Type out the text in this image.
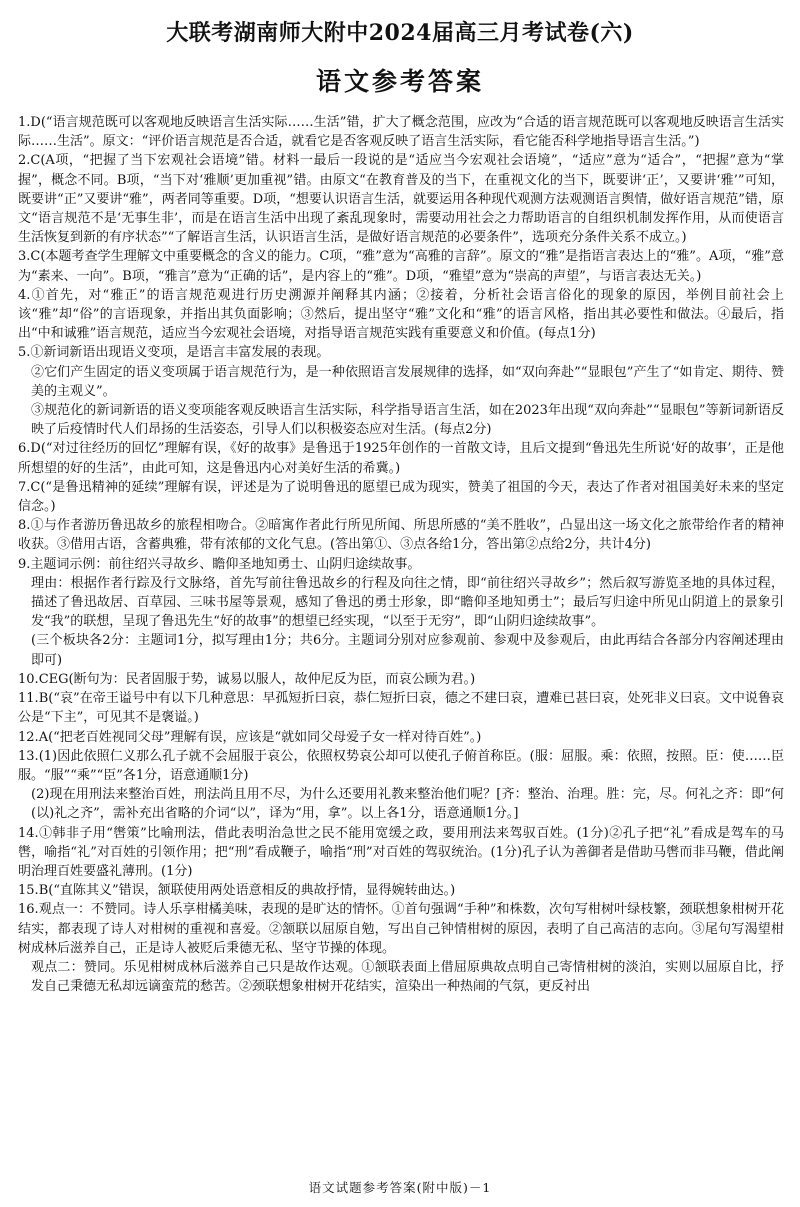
大联考湖南师大附中2024届高三月考试卷(六)
语文参考答案

1.D(“语言规范既可以客观地反映语言生活实际……生活”错，扩大了概念范围，应改为“合适的语言规范既可以客观地反映语言生活实际……生活”。原文：“评价语言规范是否合适，就看它是否客观反映了语言生活实际，看它能否科学地指导语言生活。”)

2.C(A项，“把握了当下宏观社会语境”错。材料一最后一段说的是“适应当今宏观社会语境”，“适应”意为“适合”，“把握”意为“掌握”，概念不同。B项，“当下对‘雅顺’更加重视”错。由原文“在教育普及的当下，在重视文化的当下，既要讲‘正’，又要讲‘雅’”可知，既要讲“正”又要讲“雅”，两者同等重要。D项，“想要认识语言生活，就要运用各种现代观测方法观测语言舆情，做好语言规范”错，原文“语言规范不是‘无事生非’，而是在语言生活中出现了紊乱现象时，需要动用社会之力帮助语言的自组织机制发挥作用，从而使语言生活恢复到新的有序状态”“了解语言生活，认识语言生活，是做好语言规范的必要条件”，选项充分条件关系不成立。)

3.C(本题考查学生理解文中重要概念的含义的能力。C项，“雅”意为“高雅的言辞”。原文的“雅”是指语言表达上的“雅”。A项，“雅”意为“素来、一向”。B项，“雅言”意为“正确的话”，是内容上的“雅”。D项，“雅望”意为“崇高的声望”，与语言表达无关。)

4.①首先，对“雅正”的语言规范观进行历史溯源并阐释其内涵；②接着，分析社会语言俗化的现象的原因，举例目前社会上该“雅”却“俗”的言语现象，并指出其负面影响；③然后，提出坚守“雅”文化和“雅”的语言风格，指出其必要性和做法。④最后，指出“中和诚雅”语言规范，适应当今宏观社会语境，对指导语言规范实践有重要意义和价值。(每点1分)

5.①新词新语出现语义变项，是语言丰富发展的表现。

②它们产生固定的语义变项属于语言规范行为，是一种依照语言发展规律的选择，如“双向奔赴”“显眼包”产生了“如肯定、期待、赞美的主观义”。

③规范化的新词新语的语义变项能客观反映语言生活实际，科学指导语言生活，如在2023年出现“双向奔赴”“显眼包”等新词新语反映了后疫情时代人们昂扬的生活姿态，引导人们以积极姿态应对生活。(每点2分)

6.D(“对过往经历的回忆”理解有误，《好的故事》是鲁迅于1925年创作的一首散文诗，且后文提到“鲁迅先生所说‘好的故事’，正是他所想望的好的生活”，由此可知，这是鲁迅内心对美好生活的希冀。)

7.C(“是鲁迅精神的延续”理解有误，评述是为了说明鲁迅的愿望已成为现实，赞美了祖国的今天，表达了作者对祖国美好未来的坚定信念。)

8.①与作者游历鲁迅故乡的旅程相吻合。②暗寓作者此行所见所闻、所思所感的“美不胜收”，凸显出这一场文化之旅带给作者的精神收获。③借用古语，含蓄典雅，带有浓郁的文化气息。(答出第①、③点各给1分，答出第②点给2分，共计4分)

9.主题词示例：前往绍兴寻故乡、瞻仰圣地知勇士、山阴归途续故事。

理由：根据作者行踪及行文脉络，首先写前往鲁迅故乡的行程及向往之情，即“前往绍兴寻故乡”；然后叙写游览圣地的具体过程，描述了鲁迅故居、百草园、三味书屋等景观，感知了鲁迅的勇士形象，即“瞻仰圣地知勇士”；最后写归途中所见山阴道上的景象引发“我”的联想，呈现了鲁迅先生“好的故事”的想望已经实现，“以至于无穷”，即“山阴归途续故事”。

(三个板块各2分：主题词1分，拟写理由1分；共6分。主题词分别对应参观前、参观中及参观后，由此再结合各部分内容阐述理由即可)

10.CEG(断句为：民者固服于势，诚易以服人，故仲尼反为臣，而哀公顾为君。)

11.B(“哀”在帝王谥号中有以下几种意思：早孤短折曰哀，恭仁短折曰哀，德之不建曰哀，遭难已甚曰哀，处死非义曰哀。文中说鲁哀公是“下主”，可见其不是褒谥。)

12.A(“把老百姓视同父母”理解有误，应该是“就如同父母爱子女一样对待百姓”。)

13.(1)因此依照仁义那么孔子就不会屈服于哀公，依照权势哀公却可以使孔子俯首称臣。(服：屈服。乘：依照，按照。臣：使……臣服。“服”“乘”“臣”各1分，语意通顺1分)

(2)现在用刑法来整治百姓，刑法尚且用不尽，为什么还要用礼教来整治他们呢？[齐：整治、治理。胜：完，尽。何礼之齐：即“何(以)礼之齐”，需补充出省略的介词“以”，译为“用，拿”。以上各1分，语意通顺1分。]

14.①韩非子用“辔策”比喻刑法，借此表明治急世之民不能用宽缓之政，要用刑法来驾驭百姓。(1分)②孔子把“礼”看成是驾车的马辔，喻指“礼”对百姓的引领作用；把“刑”看成鞭子，喻指“刑”对百姓的驾驭统治。(1分)孔子认为善御者是借助马辔而非马鞭，借此阐明治理百姓要盛礼薄刑。(1分)

15.B(“直陈其义”错误，颔联使用两处语意相反的典故抒情，显得婉转曲达。)

16.观点一：不赞同。诗人乐享柑橘美味，表现的是旷达的情怀。①首句强调“手种”和株数，次句写柑树叶绿枝繁，颈联想象柑树开花结实，都表现了诗人对柑树的重视和喜爱。②颔联以屈原自勉，写出自己钟情柑树的原因，表明了自己高洁的志向。③尾句写渴望柑树成林后滋养自己，正是诗人被贬后秉德无私、坚守节操的体现。

观点二：赞同。乐见柑树成林后滋养自己只是故作达观。①颔联表面上借屈原典故点明自己寄情柑树的淡泊，实则以屈原自比，抒发自己秉德无私却远谪蛮荒的愁苦。②颈联想象柑树开花结实，渲染出一种热闹的气氛，更反衬出

语文试题参考答案(附中版)－1
